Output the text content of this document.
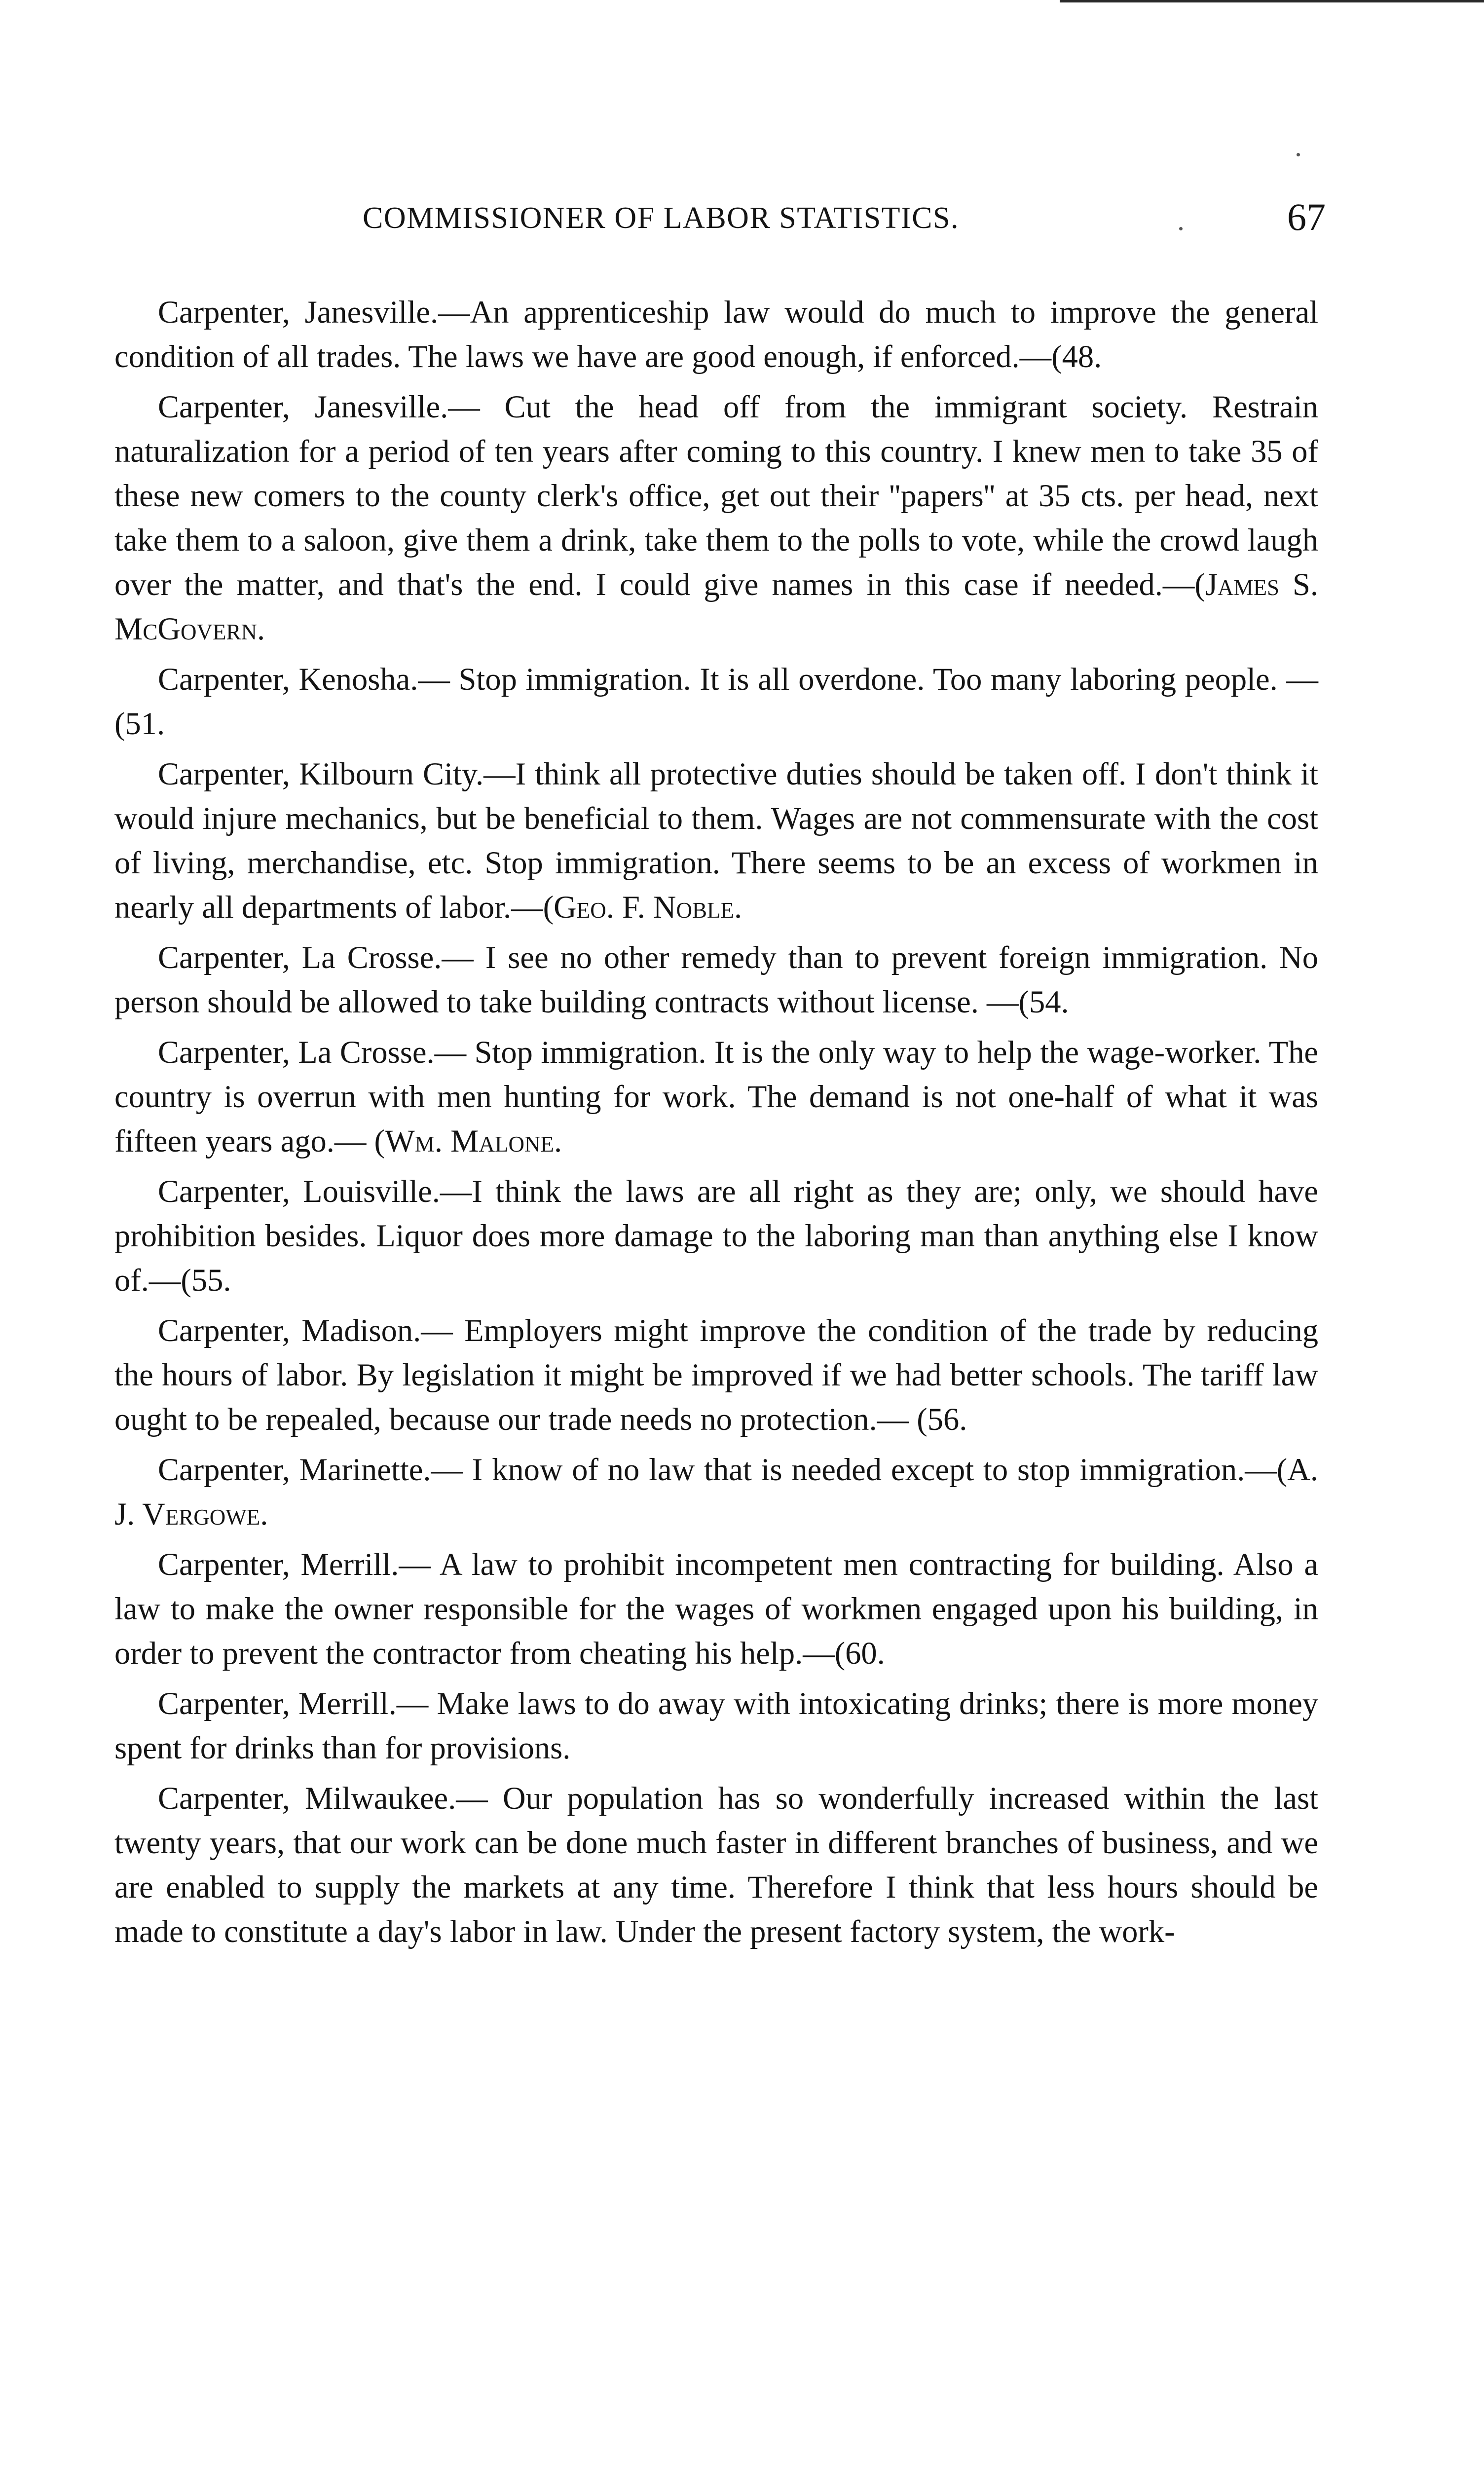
COMMISSIONER OF LABOR STATISTICS.	67

Carpenter, Janesville.—An apprenticeship law would do much to improve the general condition of all trades. The laws we have are good enough, if enforced.—(48.

Carpenter, Janesville.— Cut the head off from the immigrant society. Restrain naturalization for a period of ten years after coming to this country. I knew men to take 35 of these new comers to the county clerk's office, get out their ''papers'' at 35 cts. per head, next take them to a saloon, give them a drink, take them to the polls to vote, while the crowd laugh over the matter, and that's the end. I could give names in this case if needed.—(James S. McGovern.

Carpenter, Kenosha.— Stop immigration. It is all overdone. Too many laboring people. —(51.

Carpenter, Kilbourn City.—I think all protective duties should be taken off. I don't think it would injure mechanics, but be beneficial to them. Wages are not commensurate with the cost of living, merchandise, etc. Stop immigration. There seems to be an excess of workmen in nearly all departments of labor.—(Geo. F. Noble.

Carpenter, La Crosse.— I see no other remedy than to prevent foreign immigration. No person should be allowed to take building contracts without license. —(54.

Carpenter, La Crosse.— Stop immigration. It is the only way to help the wage-worker. The country is overrun with men hunting for work. The demand is not one-half of what it was fifteen years ago.— (Wm. Malone.

Carpenter, Louisville.—I think the laws are all right as they are; only, we should have prohibition besides. Liquor does more damage to the laboring man than anything else I know of.—(55.

Carpenter, Madison.— Employers might improve the condition of the trade by reducing the hours of labor. By legislation it might be improved if we had better schools. The tariff law ought to be repealed, because our trade needs no protection.— (56.

Carpenter, Marinette.— I know of no law that is needed except to stop immigration.—(A. J. Vergowe.

Carpenter, Merrill.— A law to prohibit incompetent men contracting for building. Also a law to make the owner responsible for the wages of workmen engaged upon his building, in order to prevent the contractor from cheating his help.—(60.

Carpenter, Merrill.— Make laws to do away with intoxicating drinks; there is more money spent for drinks than for provisions.

Carpenter, Milwaukee.— Our population has so wonderfully increased within the last twenty years, that our work can be done much faster in different branches of business, and we are enabled to supply the markets at any time. Therefore I think that less hours should be made to constitute a day's labor in law. Under the present factory system, the work-
